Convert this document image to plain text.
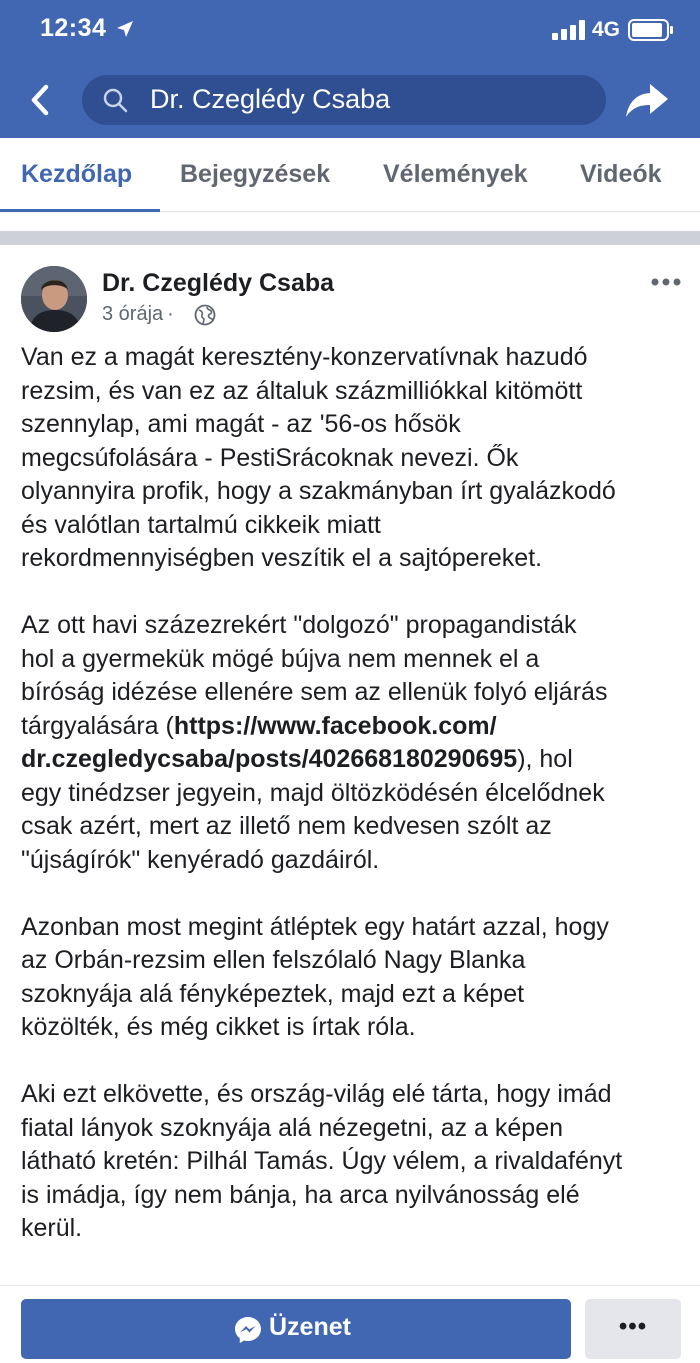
12:34	4G
Dr. Czeglédy Csaba
Kezdőlap Bejegyzések Vélemények Videók
Dr. Czeglédy Csaba
3 órája ·

Van ez a magát keresztény-konzervatívnak hazudó
rezsim, és van ez az általuk százmilliókkal kitömött
szennylap, ami magát - az '56-os hősök
megcsúfolására - PestiSrácoknak nevezi. Ők
olyannyira profik, hogy a szakmányban írt gyalázkodó
és valótlan tartalmú cikkeik miatt
rekordmennyiségben veszítik el a sajtópereket.

Az ott havi százezrekért "dolgozó" propagandisták
hol a gyermekük mögé bújva nem mennek el a
bíróság idézése ellenére sem az ellenük folyó eljárás
tárgyalására (https://www.facebook.com/
dr.czegledycsaba/posts/402668180290695), hol
egy tinédzser jegyein, majd öltözködésén élcelődnek
csak azért, mert az illető nem kedvesen szólt az
"újságírók" kenyéradó gazdáiról.

Azonban most megint átléptek egy határt azzal, hogy
az Orbán-rezsim ellen felszólaló Nagy Blanka
szoknyája alá fényképeztek, majd ezt a képet
közölték, és még cikket is írtak róla.

Aki ezt elkövette, és ország-világ elé tárta, hogy imád
fiatal lányok szoknyája alá nézegetni, az a képen
látható kretén: Pilhál Tamás. Úgy vélem, a rivaldafényt
is imádja, így nem bánja, ha arca nyilvánosság elé
kerül.

Üzenet	•••
